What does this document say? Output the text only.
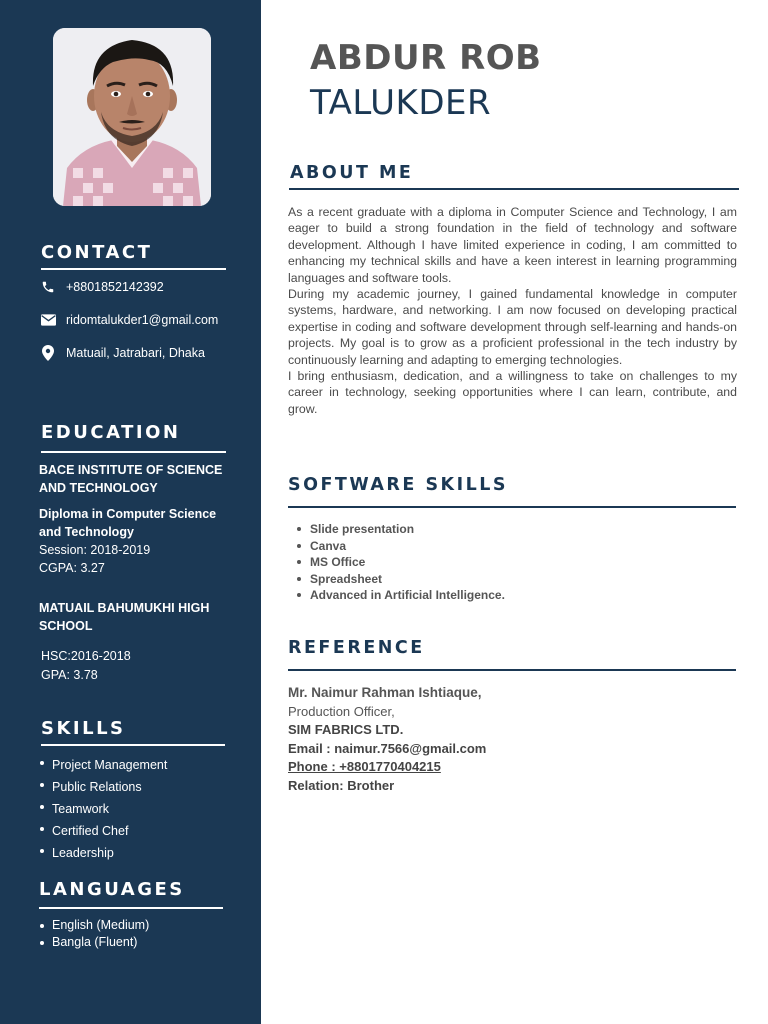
CONTACT
+8801852142392
ridomtalukder1@gmail.com
Matuail, Jatrabari, Dhaka
EDUCATION
BACE INSTITUTE OF SCIENCE AND TECHNOLOGY
Diploma in Computer Science and Technology
Session: 2018-2019
CGPA: 3.27
MATUAIL BAHUMUKHI HIGH SCHOOL
HSC:2016-2018
GPA: 3.78
SKILLS
Project Management
Public Relations
Teamwork
Certified Chef
Leadership
LANGUAGES
English (Medium)
Bangla (Fluent)
ABDUR ROB
TALUKDER
ABOUT ME

As a recent graduate with a diploma in Computer Science and Technology, I am eager to build a strong foundation in the field of technology and software development. Although I have limited experience in coding, I am committed to enhancing my technical skills and have a keen interest in learning programming languages and software tools.

During my academic journey, I gained fundamental knowledge in computer systems, hardware, and networking. I am now focused on developing practical expertise in coding and software development through self-learning and hands-on projects. My goal is to grow as a proficient professional in the tech industry by continuously learning and adapting to emerging technologies.

I bring enthusiasm, dedication, and a willingness to take on challenges to my career in technology, seeking opportunities where I can learn, contribute, and grow.

SOFTWARE SKILLS
Slide presentation
Canva
MS Office
Spreadsheet
Advanced in Artificial Intelligence.
REFERENCE
Mr. Naimur Rahman Ishtiaque,
Production Officer,
SIM FABRICS LTD.
Email : naimur.7566@gmail.com
Phone : +8801770404215
Relation: Brother
